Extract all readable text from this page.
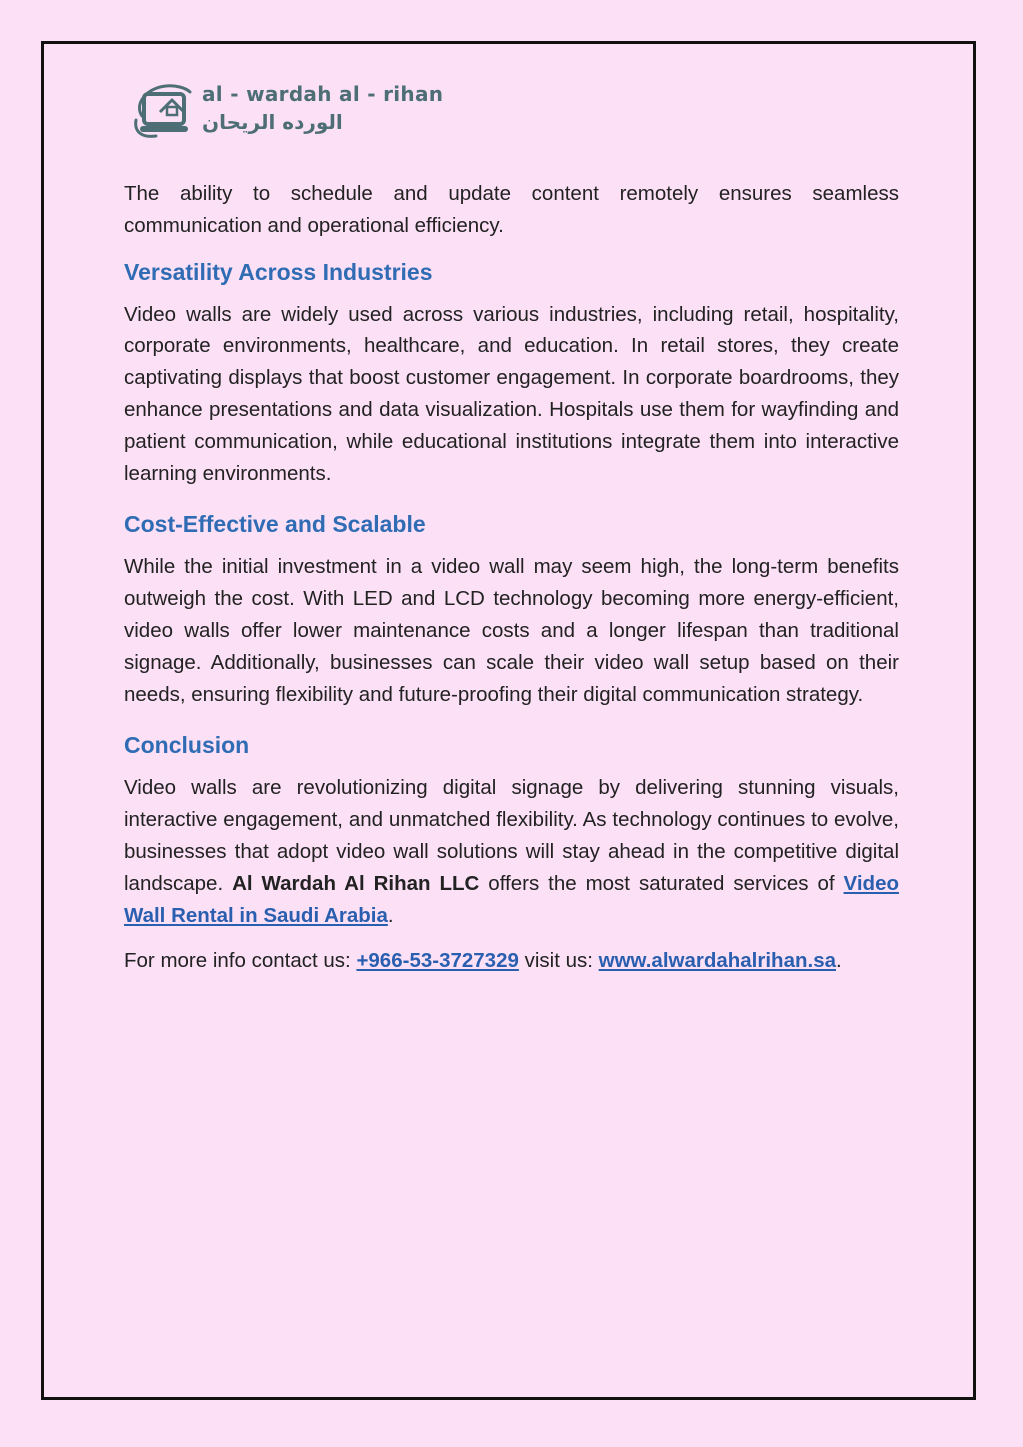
al - wardah al - rihan
الورده الريحان

The ability to schedule and update content remotely ensures seamless communication and operational efficiency.

Versatility Across Industries

Video walls are widely used across various industries, including retail, hospitality, corporate environments, healthcare, and education. In retail stores, they create captivating displays that boost customer engagement. In corporate boardrooms, they enhance presentations and data visualization. Hospitals use them for wayfinding and patient communication, while educational institutions integrate them into interactive learning environments.

Cost-Effective and Scalable

While the initial investment in a video wall may seem high, the long-term benefits outweigh the cost. With LED and LCD technology becoming more energy-efficient, video walls offer lower maintenance costs and a longer lifespan than traditional signage. Additionally, businesses can scale their video wall setup based on their needs, ensuring flexibility and future-proofing their digital communication strategy.

Conclusion

Video walls are revolutionizing digital signage by delivering stunning visuals, interactive engagement, and unmatched flexibility. As technology continues to evolve, businesses that adopt video wall solutions will stay ahead in the competitive digital landscape. Al Wardah Al Rihan LLC offers the most saturated services of Video Wall Rental in Saudi Arabia.

For more info contact us: +966-53-3727329 visit us: www.alwardahalrihan.sa.
